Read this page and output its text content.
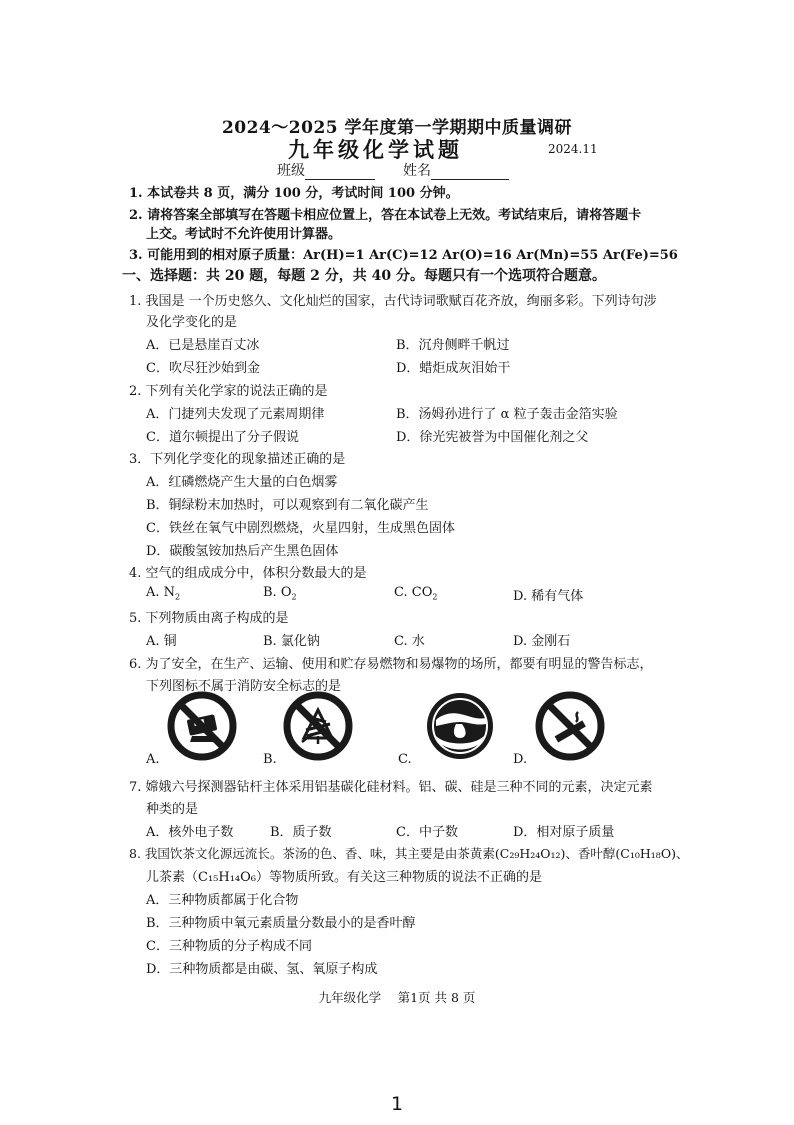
2024～2025 学年度第一学期期中质量调研
九年级化学试题	2024.11
班级	姓名
1. 本试卷共 8 页，满分 100 分，考试时间 100 分钟。
2. 请将答案全部填写在答题卡相应位置上，答在本试卷上无效。考试结束后，请将答题卡
上交。考试时不允许使用计算器。
3. 可能用到的相对原子质量：Ar(H)=1 Ar(C)=12 Ar(O)=16 Ar(Mn)=55 Ar(Fe)=56
一、选择题：共 20 题，每题 2 分，共 40 分。每题只有一个选项符合题意。
1. 我国是 一个历史悠久、文化灿烂的国家，古代诗词歌赋百花齐放，绚丽多彩。下列诗句涉
及化学变化的是
A．已是悬崖百丈冰	B．沉舟侧畔千帆过
C．吹尽狂沙始到金	D．蜡炬成灰泪始干
2. 下列有关化学家的说法正确的是
A．门捷列夫发现了元素周期律	B．汤姆孙进行了 α 粒子轰击金箔实验
C．道尔顿提出了分子假说	D．徐光宪被誉为中国催化剂之父
3．下列化学变化的现象描述正确的是
A．红磷燃烧产生大量的白色烟雾
B．铜绿粉末加热时，可以观察到有二氧化碳产生
C．铁丝在氧气中剧烈燃烧，火星四射，生成黑色固体
D．碳酸氢铵加热后产生黑色固体
4. 空气的组成成分中，体积分数最大的是
A. $N_2$	B. $O_2$	C. $CO_2$	D. 稀有气体
5. 下列物质由离子构成的是
A. 铜	B. 氯化钠	C. 水	D. 金刚石
6. 为了安全，在生产、运输、使用和贮存易燃物和易爆物的场所，都要有明显的警告标志，
下列图标不属于消防安全标志的是
A.	B.	C.	D.
7. 嫦娥六号探测器钻杆主体采用铝基碳化硅材料。铝、碳、硅是三种不同的元素，决定元素
种类的是
A．核外电子数	B．质子数	C．中子数	D．相对原子质量
8. 我国饮茶文化源远流长。茶汤的色、香、味，其主要是由茶黄素(C₂₉H₂₄O₁₂)、香叶醇(C₁₀H₁₈O)、
儿茶素（C₁₅H₁₄O₆）等物质所致。有关这三种物质的说法不正确的是
A．三种物质都属于化合物
B．三种物质中氧元素质量分数最小的是香叶醇
C．三种物质的分子构成不同
D．三种物质都是由碳、氢、氧原子构成
九年级化学　 第1页 共 8 页
1
